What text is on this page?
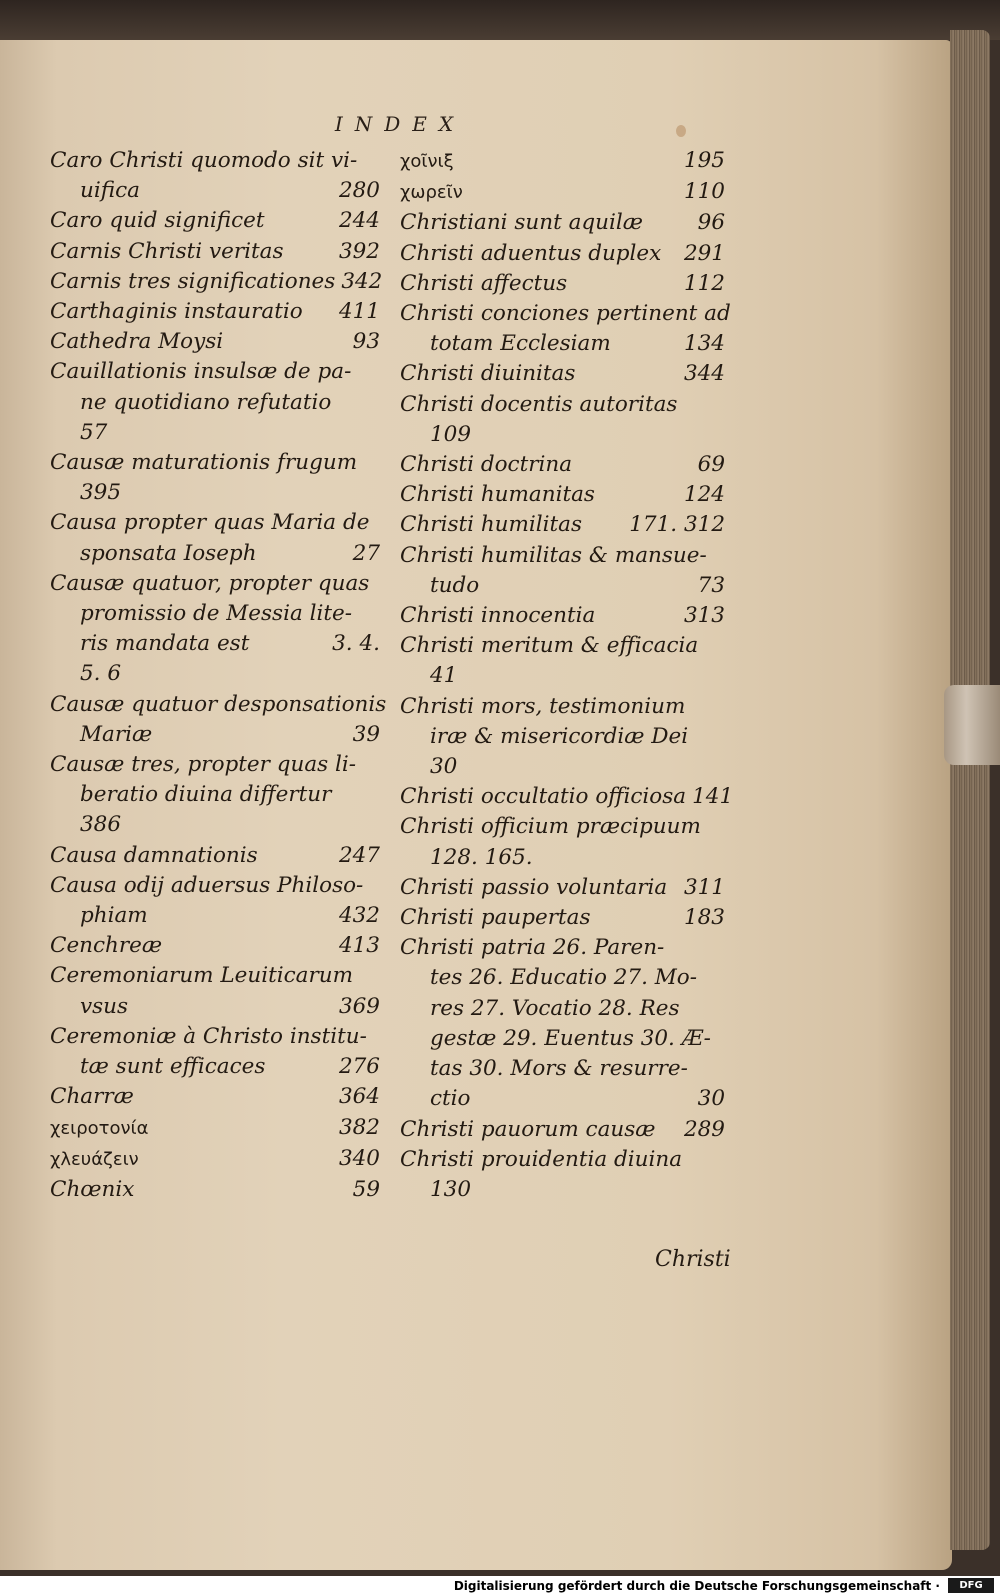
INDEX
Caro Christi quomodo sit vi-
uifica	280
Caro quid significet	244
Carnis Christi veritas	392
Carnis tres significationes 342
Carthaginis instauratio 411
Cathedra Moysi	93
Cauillationis insulsæ de pa-
ne quotidiano refutatio
57
Causæ maturationis frugum
395
Causa propter quas Maria de
sponsata Ioseph	27
Causæ quatuor, propter quas
promissio de Messia lite-
ris mandata est	3. 4.
5. 6
Causæ quatuor desponsationis
Mariæ	39
Causæ tres, propter quas li-
beratio diuina differtur
386
Causa damnationis	247
Causa odij aduersus Philoso-
phiam	432
Cenchreæ	413
Ceremoniarum Leuiticarum
vsus	369
Ceremoniæ à Christo institu-
tæ sunt efficaces	276
Charræ	364
χειροτονία	382
χλευάζειν	340
Chœnix	59
χοῖνιξ	195
χωρεῖν	110
Christiani sunt aquilæ	96
Christi aduentus duplex 291
Christi affectus	112
Christi conciones pertinent ad
totam Ecclesiam	134
Christi diuinitas	344
Christi docentis autoritas
109
Christi doctrina	69
Christi humanitas	124
Christi humilitas 171. 312
Christi humilitas & mansue-
tudo	73
Christi innocentia	313
Christi meritum & efficacia
41
Christi mors, testimonium
iræ & misericordiæ Dei
30
Christi occultatio officiosa 141
Christi officium præcipuum
128. 165.
Christi passio voluntaria 311
Christi paupertas	183
Christi patria 26. Paren-
tes 26. Educatio 27. Mo-
res 27. Vocatio 28. Res
gestæ 29. Euentus 30. Æ-
tas 30. Mors & resurre-
ctio	30
Christi pauorum causæ 289
Christi prouidentia diuina
130
Christi
Digitalisierung gefördert durch die Deutsche Forschungsgemeinschaft ·	DFG
